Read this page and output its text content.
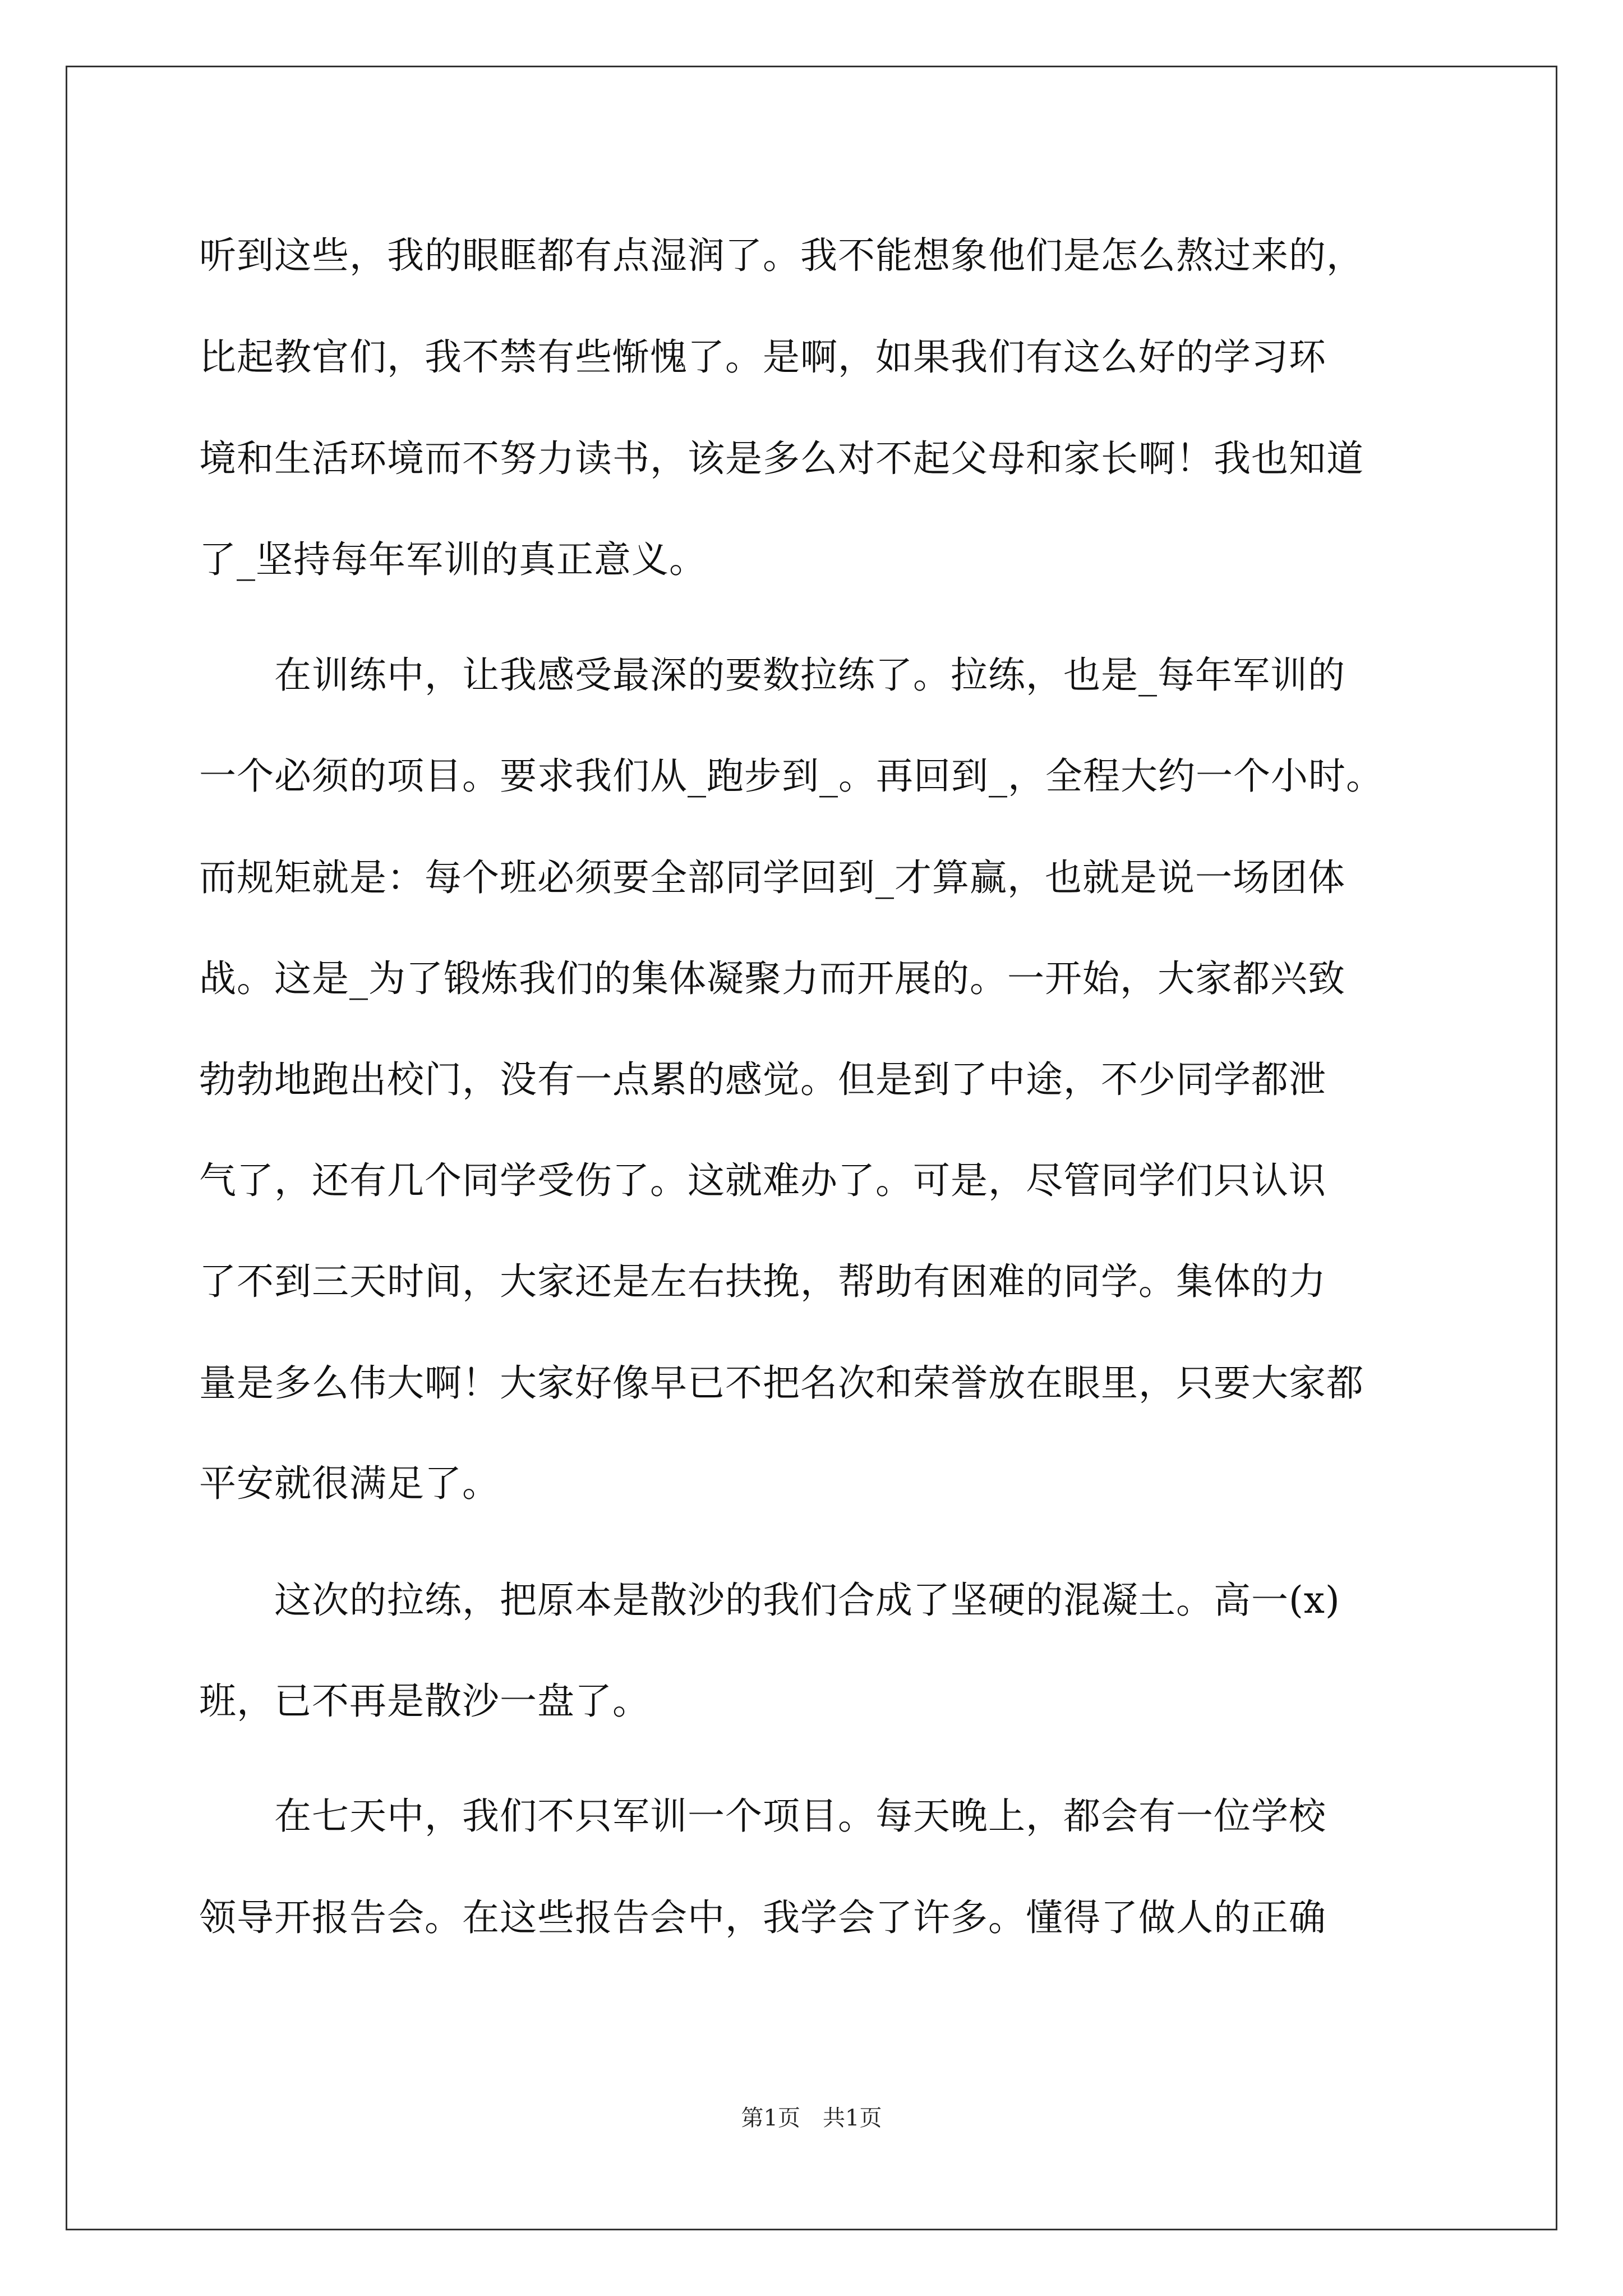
听到这些，我的眼眶都有点湿润了。我不能想象他们是怎么熬过来的，
比起教官们，我不禁有些惭愧了。是啊，如果我们有这么好的学习环
境和生活环境而不努力读书，该是多么对不起父母和家长啊！我也知道
了_坚持每年军训的真正意义。
　　在训练中，让我感受最深的要数拉练了。拉练，也是_每年军训的
一个必须的项目。要求我们从_跑步到_。再回到_，全程大约一个小时。
而规矩就是：每个班必须要全部同学回到_才算赢，也就是说一场团体
战。这是_为了锻炼我们的集体凝聚力而开展的。一开始，大家都兴致
勃勃地跑出校门，没有一点累的感觉。但是到了中途，不少同学都泄
气了，还有几个同学受伤了。这就难办了。可是，尽管同学们只认识
了不到三天时间，大家还是左右扶挽，帮助有困难的同学。集体的力
量是多么伟大啊！大家好像早已不把名次和荣誉放在眼里，只要大家都
平安就很满足了。
　　这次的拉练，把原本是散沙的我们合成了坚硬的混凝土。高一(x)
班，已不再是散沙一盘了。
　　在七天中，我们不只军训一个项目。每天晚上，都会有一位学校
领导开报告会。在这些报告会中，我学会了许多。懂得了做人的正确
第1页　共1页
